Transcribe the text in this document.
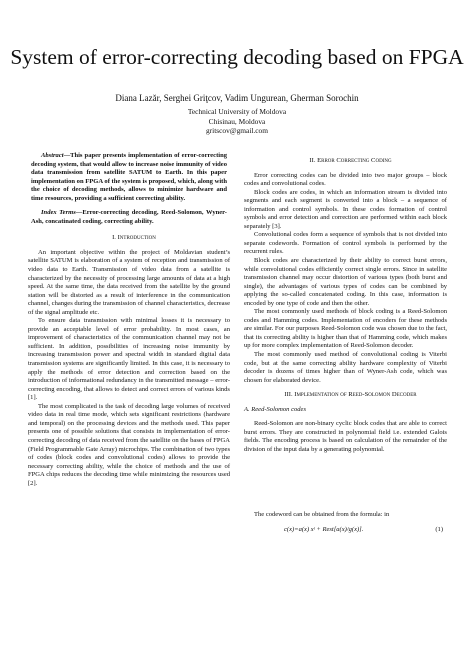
System of error-correcting decoding based on FPGA
Diana Lazăr, Serghei Griţcov, Vadim Ungurean, Gherman Sorochin
Technical University of Moldova
Chisinau, Moldova
gritscov@gmail.com

Abstract—This paper presents implementation of error-correcting decoding system, that would allow to increase noise immunity of video data transmission from satellite SATUM to Earth. In this paper implementation on FPGA of the system is proposed, which, along with the choice of decoding methods, allows to minimize hardware and time resources, providing a sufficient correcting ability.

Index Terms—Error-correcting decoding, Reed-Solomon, Wyner-Ash, concatinated coding, correcting ability.

I. Introduction

An important objective within the project of Moldavian student’s satellite SATUM is elaboration of a system of reception and transmission of video data to Earth. Transmission of video data from a satellite is characterized by the necessity of processing large amounts of data at a high speed. At the same time, the data received from the satellite by the ground station will be distorted as a result of interference in the communication channel, changes during the transmission of channel characteristics, decrease of the signal amplitude etc.

To ensure data transmission with minimal losses it is necessary to provide an acceptable level of error probability. In most cases, an improvement of characteristics of the communication channel may not be sufficient. In addition, possibilities of increasing noise immunity by increasing transmission power and spectral width in standard digital data transmission systems are significantly limited. In this case, it is necessary to apply the methods of error detection and correction based on the introduction of informational redundancy in the transmitted message – error-correcting encoding, that allows to detect and correct errors of various kinds [1].

The most complicated is the task of decoding large volumes of received video data in real time mode, which sets significant restrictions (hardware and temporal) on the processing devices and the methods used. This paper presents one of possible solutions that consists in implementation of error-correcting decoding of data received from the satellite on the bases of FPGA (Field Programmable Gate Array) microchips. The combination of two types of codes (block codes and convolutional codes) allows to provide the necessary correcting ability, while the choice of methods and the use of FPGA chips reduces the decoding time while minimizing the resources used [2].

II. Error Correcting Coding

Error correcting codes can be divided into two major groups – block codes and convolutional codes.

Block codes are codes, in which an information stream is divided into segments and each segment is converted into a block – a sequence of information and control symbols. In these codes formation of control symbols and error detection and correction are performed within each block separately [3].

Convolutional codes form a sequence of symbols that is not divided into separate codewords. Formation of control symbols is performed by the recurrent rules.

Block codes are characterized by their ability to correct burst errors, while convolutional codes efficiently correct single errors. Since in satellite transmission channel may occur distortion of various types (both burst and single), the advantages of various types of codes can be combined by applying the so-called concatenated coding. In this case, information is encoded by one type of code and then the other.

The most commonly used methods of block coding is a Reed-Solomon codes and Hamming codes. Implementation of encoders for these methods are similar. For our purposes Reed-Solomon code was chosen due to the fact, that its correcting ability is higher than that of Hamming code, which makes up for more complex implementation of Reed-Solomon decoder.

The most commonly used method of convolutional coding is Viterbi code, but at the same correcting ability hardware complexity of Viterbi decoder is dozens of times higher than of Wyner-Ash code, which was chosen for elaborated device.

III. Implementation of Reed-Solomon Decoder

A. Reed-Solomon codes

Reed-Solomon are non-binary cyclic block codes that are able to correct burst errors. They are constructed in polynomial field i.e. extended Galois fields. The encoding process is based on calculation of the remainder of the division of the input data by a generating polynomial.

The codeword can be obtained from the formula: in

c(x)=a(x) xᵗ + Rest[a(x)/g(x)].	(1)
